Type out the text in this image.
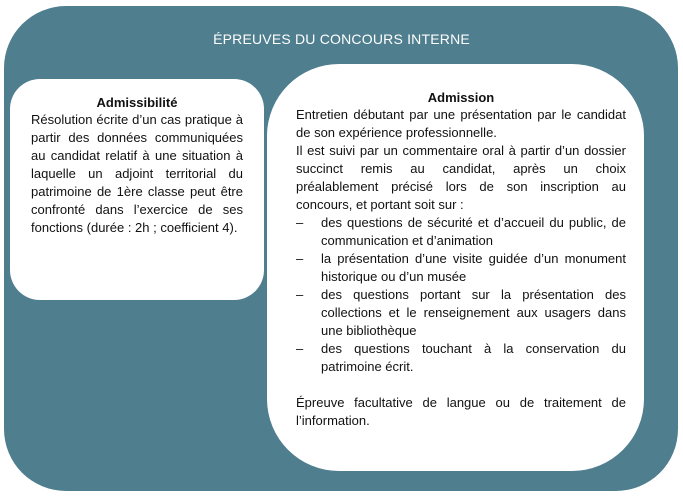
ÉPREUVES DU CONCOURS INTERNE
Admissibilité

Résolution écrite d’un cas pratique à partir des données communiquées au candidat relatif à une situation à laquelle un adjoint territorial du patrimoine de 1ère classe peut être confronté dans l’exercice de ses fonctions (durée : 2h ; coefficient 4).

Admission

Entretien débutant par une présentation par le candidat de son expérience professionnelle.

Il est suivi par un commentaire oral à partir d’un dossier succinct remis au candidat, après un choix préalablement précisé lors de son inscription au concours, et portant soit sur :

– des questions de sécurité et d’accueil du public, de communication et d’animation
– la présentation d’une visite guidée d’un monument historique ou d’un musée
– des questions portant sur la présentation des collections et le renseignement aux usagers dans une bibliothèque
– des questions touchant à la conservation du patrimoine écrit.

Épreuve facultative de langue ou de traitement de l’information.
